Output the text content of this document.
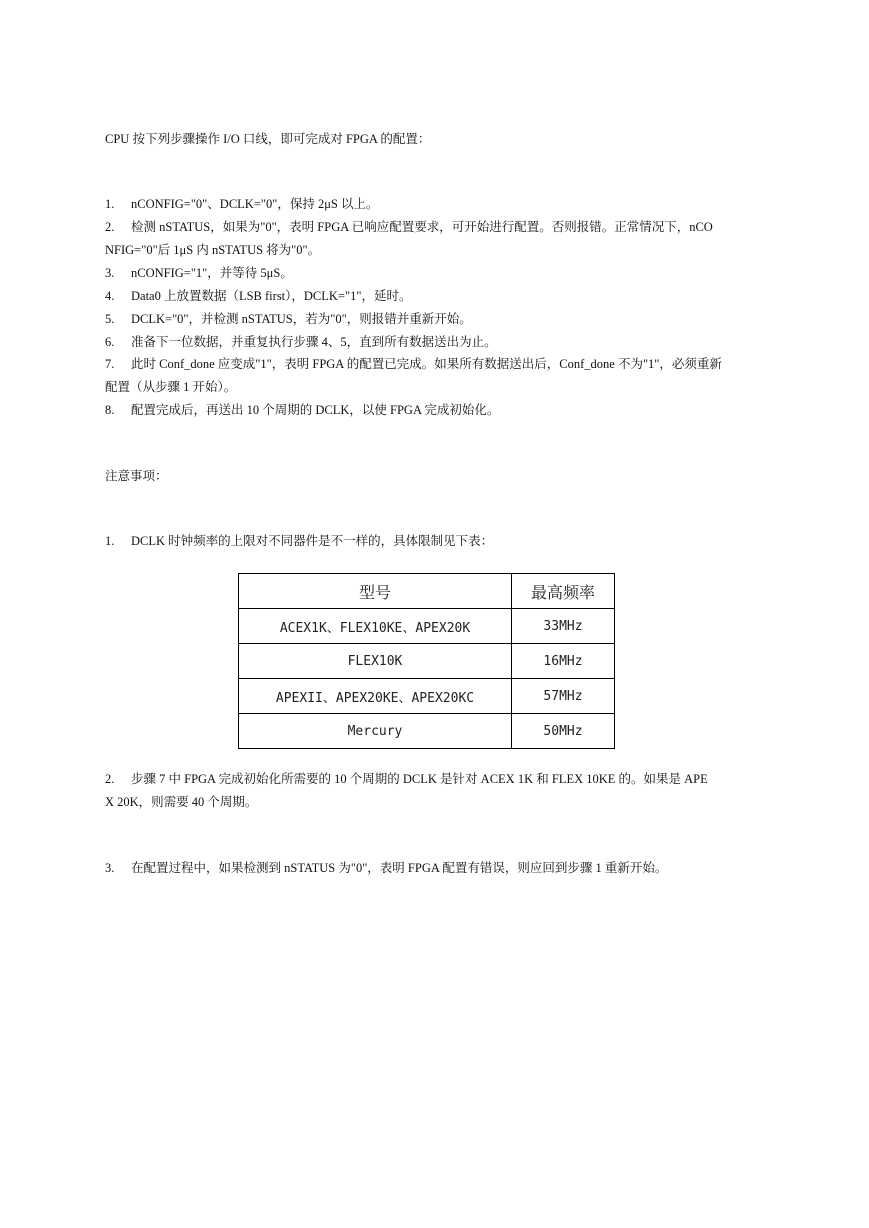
CPU 按下列步骤操作 I/O 口线，即可完成对 FPGA 的配置：
1. nCONFIG="0"、DCLK="0"，保持 2μS 以上。
2. 检测 nSTATUS，如果为"0"，表明 FPGA 已响应配置要求，可开始进行配置。否则报错。正常情况下，nCO
NFIG="0"后 1μS 内 nSTATUS 将为"0"。
3. nCONFIG="1"，并等待 5μS。
4. Data0 上放置数据（LSB first），DCLK="1"，延时。
5. DCLK="0"，并检测 nSTATUS，若为"0"，则报错并重新开始。
6. 准备下一位数据，并重复执行步骤 4、5，直到所有数据送出为止。
7. 此时 Conf_done 应变成"1"，表明 FPGA 的配置已完成。如果所有数据送出后，Conf_done 不为"1"，必须重新
配置（从步骤 1 开始）。
8. 配置完成后，再送出 10 个周期的 DCLK，以使 FPGA 完成初始化。
注意事项：
1. DCLK 时钟频率的上限对不同器件是不一样的，具体限制见下表：
2. 步骤 7 中 FPGA 完成初始化所需要的 10 个周期的 DCLK 是针对 ACEX 1K 和 FLEX 10KE 的。如果是 APE
X 20K，则需要 40 个周期。
3. 在配置过程中，如果检测到 nSTATUS 为"0"，表明 FPGA 配置有错误，则应回到步骤 1 重新开始。
型号	最高频率
ACEX1K、FLEX10KE、APEX20K	33MHz
FLEX10K	16MHz
APEXII、APEX20KE、APEX20KC	57MHz
Mercury	50MHz
